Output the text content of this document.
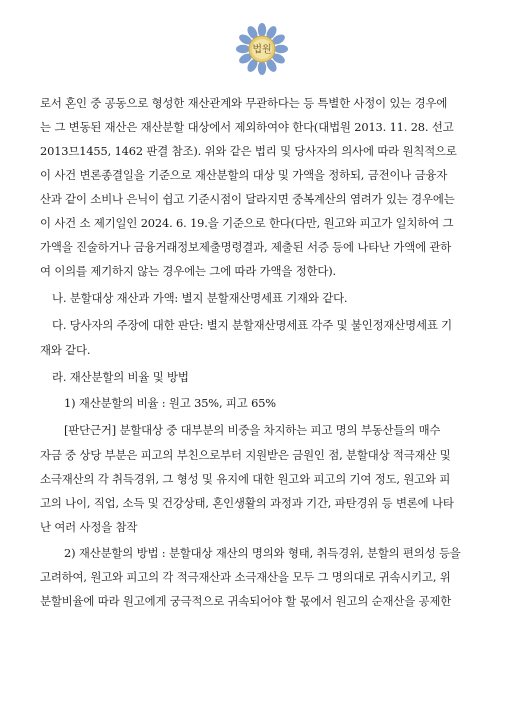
법원
로서 혼인 중 공동으로 형성한 재산관계와 무관하다는 등 특별한 사정이 있는 경우에
는 그 변동된 재산은 재산분할 대상에서 제외하여야 한다(대법원 2013. 11. 28. 선고
2013므1455, 1462 판결 참조). 위와 같은 법리 및 당사자의 의사에 따라 원칙적으로
이 사건 변론종결일을 기준으로 재산분할의 대상 및 가액을 정하되, 금전이나 금융자
산과 같이 소비나 은닉이 쉽고 기준시점이 달라지면 중복계산의 염려가 있는 경우에는
이 사건 소 제기일인 2024. 6. 19.을 기준으로 한다(다만, 원고와 피고가 일치하여 그
가액을 진술하거나 금융거래정보제출명령결과, 제출된 서증 등에 나타난 가액에 관하
여 이의를 제기하지 않는 경우에는 그에 따라 가액을 정한다).
나. 분할대상 재산과 가액: 별지 분할재산명세표 기재와 같다.
다. 당사자의 주장에 대한 판단: 별지 분할재산명세표 각주 및 불인정재산명세표 기
재와 같다.
라. 재산분할의 비율 및 방법
1) 재산분할의 비율 : 원고 35%, 피고 65%
[판단근거] 분할대상 중 대부분의 비중을 차지하는 피고 명의 부동산들의 매수
자금 중 상당 부분은 피고의 부친으로부터 지원받은 금원인 점, 분할대상 적극재산 및
소극재산의 각 취득경위, 그 형성 및 유지에 대한 원고와 피고의 기여 정도, 원고와 피
고의 나이, 직업, 소득 및 건강상태, 혼인생활의 과정과 기간, 파탄경위 등 변론에 나타
난 여러 사정을 참작
2) 재산분할의 방법 : 분할대상 재산의 명의와 형태, 취득경위, 분할의 편의성 등을
고려하여, 원고와 피고의 각 적극재산과 소극재산을 모두 그 명의대로 귀속시키고, 위
분할비율에 따라 원고에게 궁극적으로 귀속되어야 할 몫에서 원고의 순재산을 공제한
